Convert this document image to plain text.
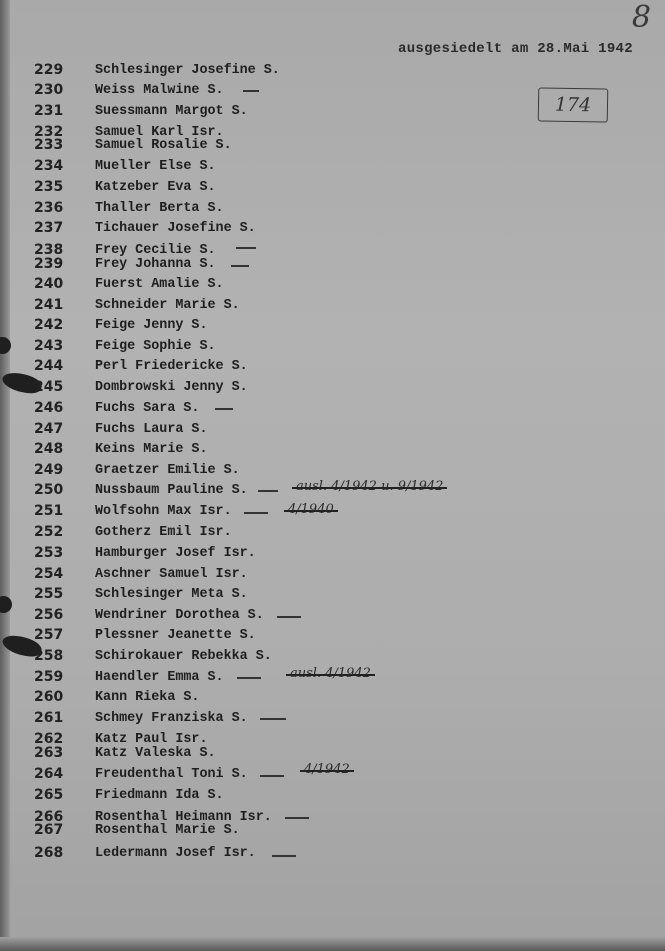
8
ausgesiedelt am 28.Mai 1942
174
229 Schlesinger Josefine S.
230 Weiss Malwine S.
231 Suessmann Margot S.
232 Samuel Karl Isr.
233 Samuel Rosalie S.
234 Mueller Else S.
235 Katzeber Eva S.
236 Thaller Berta S.
237 Tichauer Josefine S.
238 Frey Cecilie S.
239 Frey Johanna S.
240 Fuerst Amalie S.
241 Schneider Marie S.
242 Feige Jenny S.
243 Feige Sophie S.
244 Perl Friedericke S.
245 Dombrowski Jenny S.
246 Fuchs Sara S.
247 Fuchs Laura S.
248 Keins Marie S.
249 Graetzer Emilie S.
250 Nussbaum Pauline S.
251 Wolfsohn Max Isr.
252 Gotherz Emil Isr.
253 Hamburger Josef Isr.
254 Aschner Samuel Isr.
255 Schlesinger Meta S.
256 Wendriner Dorothea S.
257 Plessner Jeanette S.
258 Schirokauer Rebekka S.
259 Haendler Emma S.
260 Kann Rieka S.
261 Schmey Franziska S.
262 Katz Paul Isr.
263 Katz Valeska S.
264 Freudenthal Toni S.
265 Friedmann Ida S.
266 Rosenthal Heimann Isr.
267 Rosenthal Marie S.
268 Ledermann Josef Isr.
